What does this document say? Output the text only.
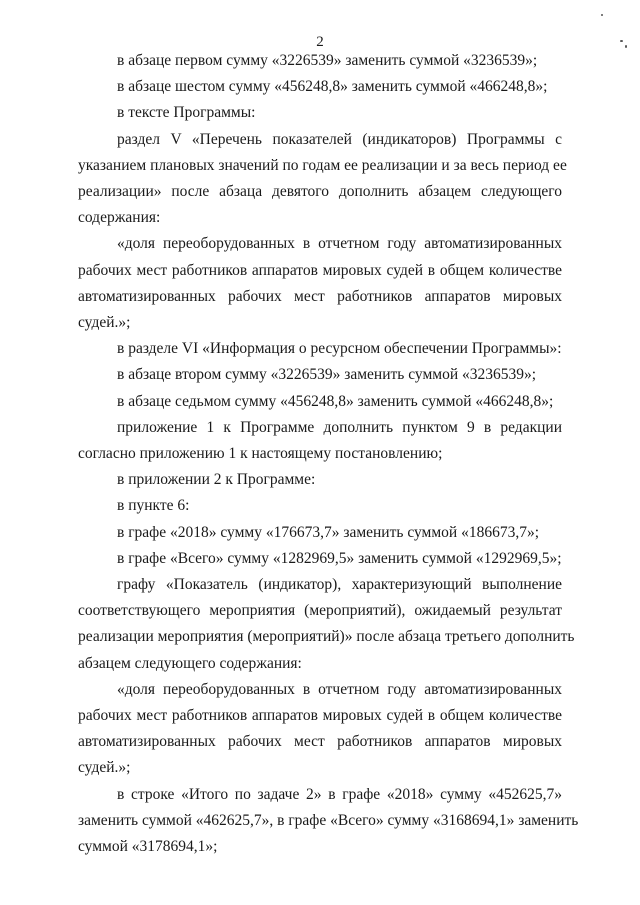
2

в абзаце первом сумму «3226539» заменить суммой «3236539»;

в абзаце шестом сумму «456248,8» заменить суммой «466248,8»;

в тексте Программы:

раздел V «Перечень показателей (индикаторов) Программы с
указанием плановых значений по годам ее реализации и за весь период ее
реализации» после абзаца девятого дополнить абзацем следующего
содержания:

«доля переоборудованных в отчетном году автоматизированных
рабочих мест работников аппаратов мировых судей в общем количестве
автоматизированных рабочих мест работников аппаратов мировых
судей.»;

в разделе VI «Информация о ресурсном обеспечении Программы»:

в абзаце втором сумму «3226539» заменить суммой «3236539»;

в абзаце седьмом сумму «456248,8» заменить суммой «466248,8»;

приложение 1 к Программе дополнить пунктом 9 в редакции
согласно приложению 1 к настоящему постановлению;

в приложении 2 к Программе:

в пункте 6:

в графе «2018» сумму «176673,7» заменить суммой «186673,7»;

в графе «Всего» сумму «1282969,5» заменить суммой «1292969,5»;

графу «Показатель (индикатор), характеризующий выполнение
соответствующего мероприятия (мероприятий), ожидаемый результат
реализации мероприятия (мероприятий)» после абзаца третьего дополнить
абзацем следующего содержания:

«доля переоборудованных в отчетном году автоматизированных
рабочих мест работников аппаратов мировых судей в общем количестве
автоматизированных рабочих мест работников аппаратов мировых
судей.»;

в строке «Итого по задаче 2» в графе «2018» сумму «452625,7»
заменить суммой «462625,7», в графе «Всего» сумму «3168694,1» заменить
суммой «3178694,1»;
